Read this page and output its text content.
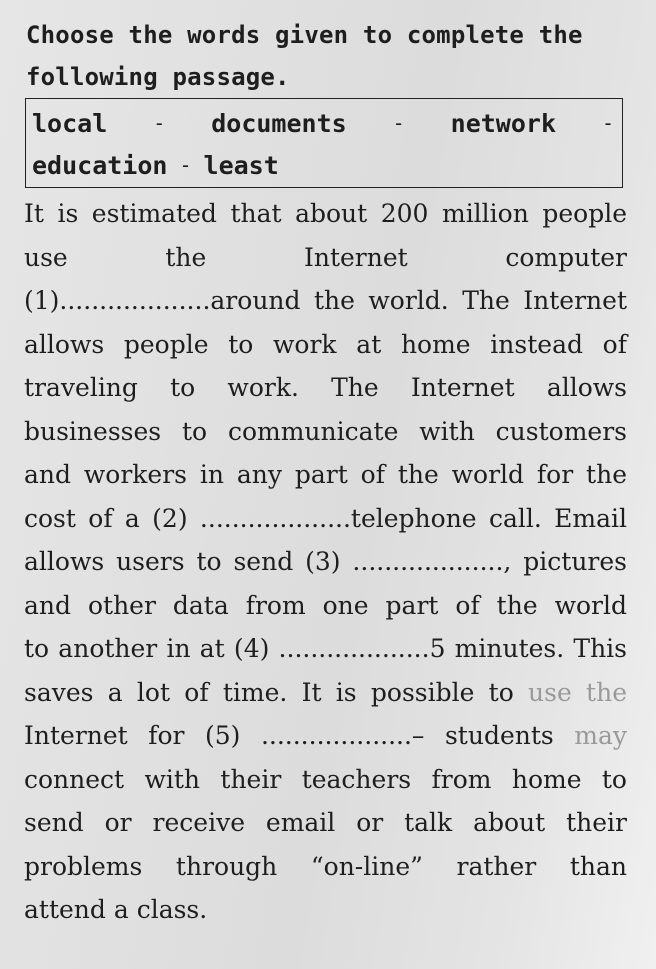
Choose the words given to complete the
following passage.
local - documents - network -
education - least
It is estimated that about 200 million people
use	the	Internet	computer
(1)...................around the world. The Internet
allows people to work at home instead of
traveling to work. The Internet allows
businesses to communicate with customers
and workers in any part of the world for the
cost of a (2) ...................telephone call. Email
allows users to send (3) ..................., pictures
and other data from one part of the world
to another in at (4) ...................5 minutes. This
saves a lot of time. It is possible to use the
Internet for (5) ...................– students may
connect with their teachers from home to
send or receive email or talk about their
problems through “on-line” rather than
attend a class.
